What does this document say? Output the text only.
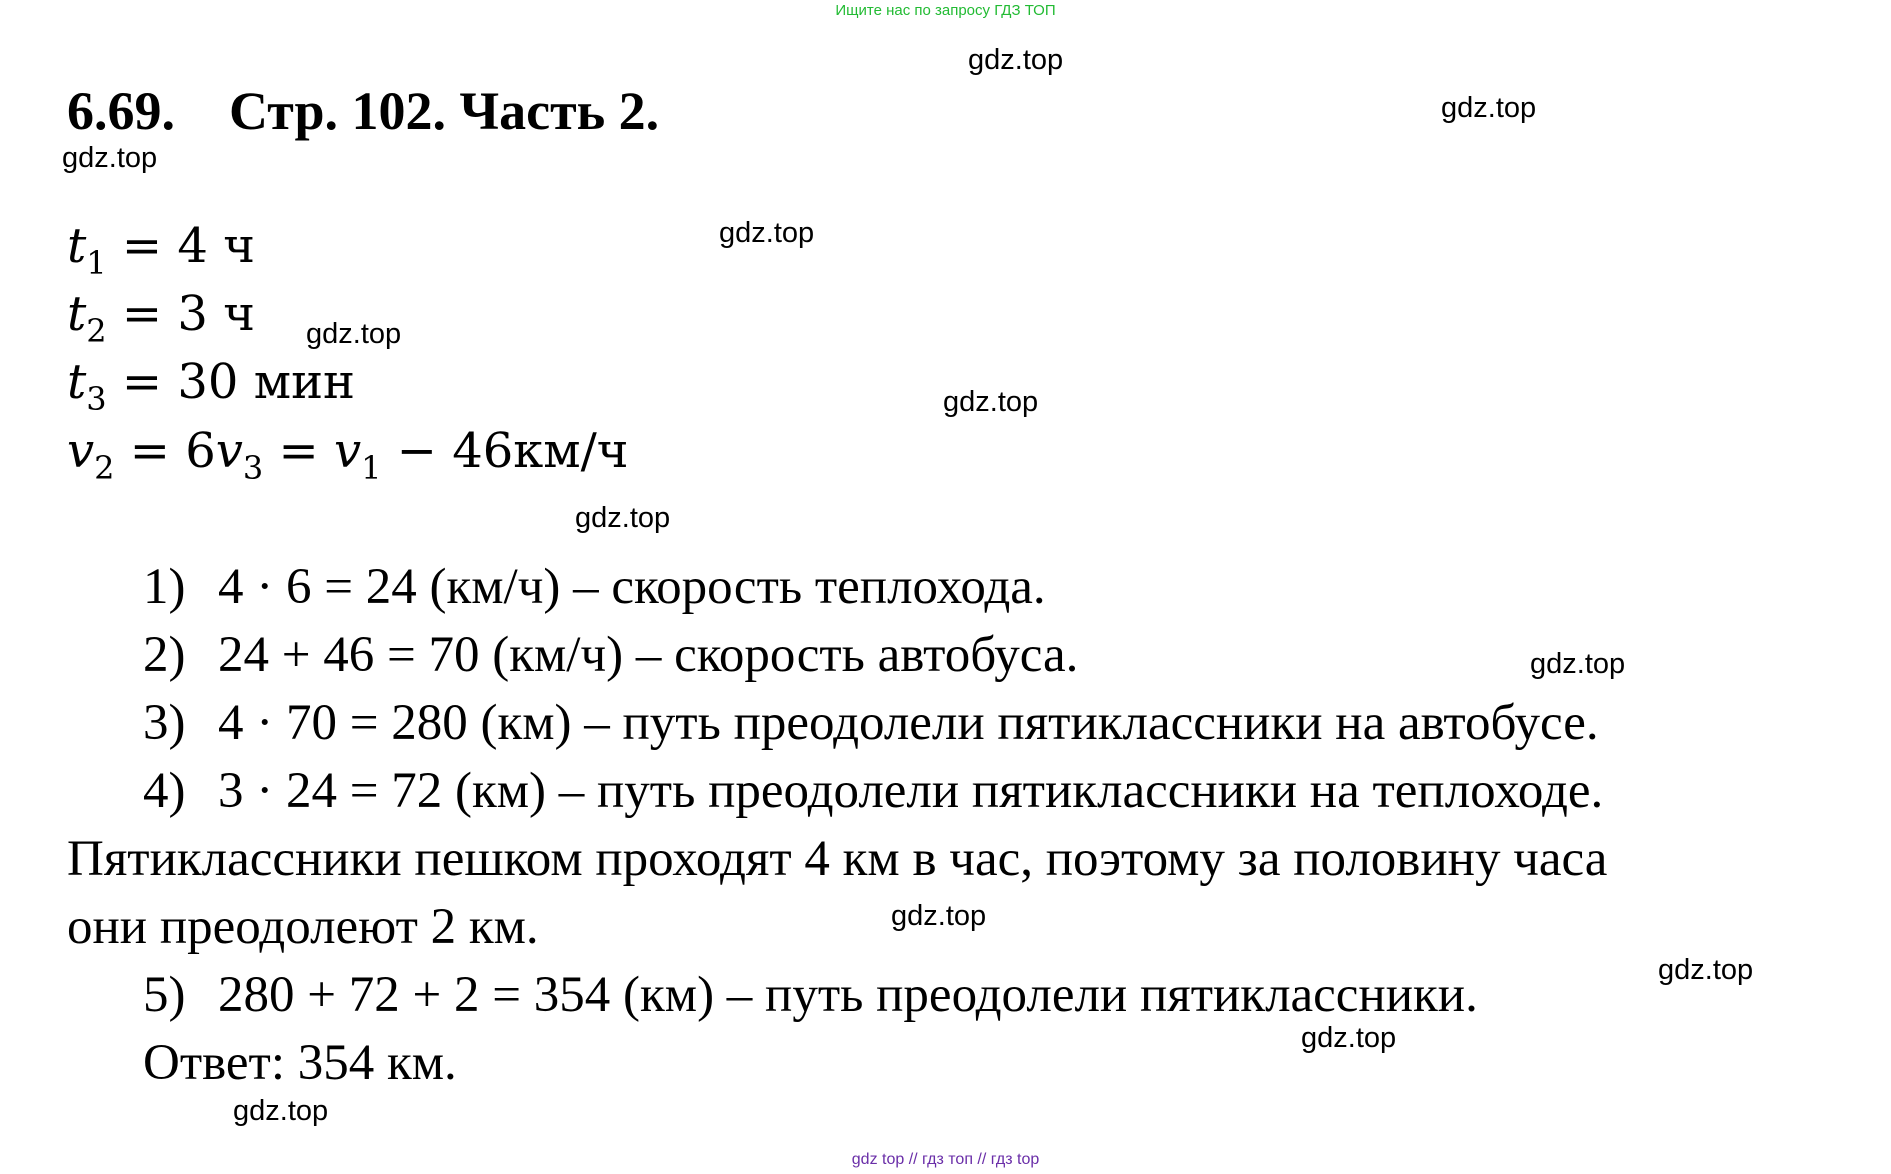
Ищите нас по запросу ГДЗ ТОП
6.69. Стр. 102. Часть 2.
$t_1 = 4$ ч
$t_2 = 3$ ч
$t_3 = 30$ мин
$v_2 = 6v_3 = v_1 - 46км/ч$
1) 4 · 6 = 24 (км/ч) – скорость теплохода.
2) 24 + 46 = 70 (км/ч) – скорость автобуса.
3) 4 · 70 = 280 (км) – путь преодолели пятиклассники на автобусе.
4) 3 · 24 = 72 (км) – путь преодолели пятиклассники на теплоходе.
Пятиклассники пешком проходят 4 км в час, поэтому за половину часа
они преодолеют 2 км.
5) 280 + 72 + 2 = 354 (км) – путь преодолели пятиклассники.
Ответ: 354 км.
gdz.top
gdz.top
gdz.top
gdz.top
gdz.top
gdz.top
gdz.top
gdz.top
gdz.top
gdz.top
gdz.top
gdz.top
gdz top // гдз топ // гдз top
